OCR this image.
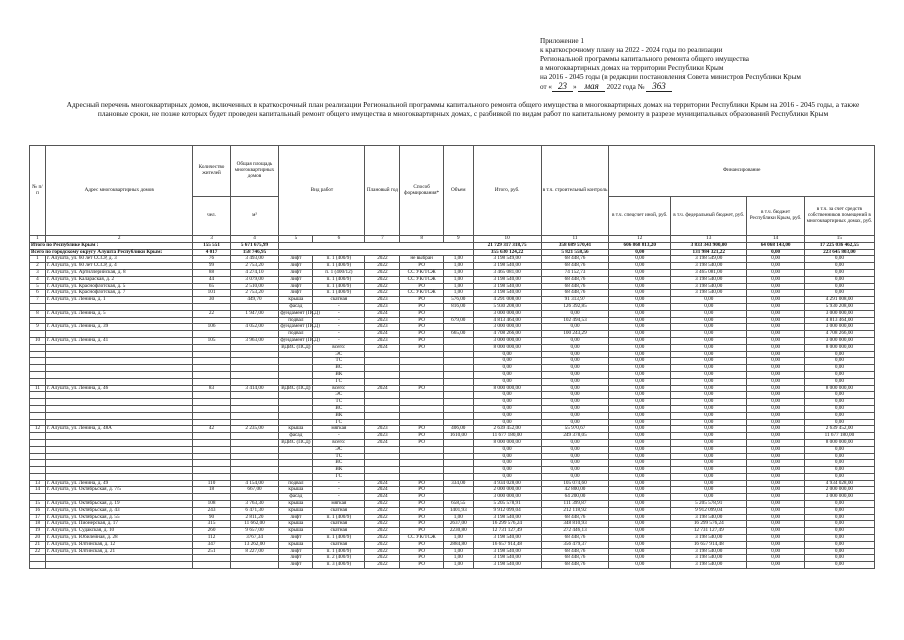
Приложение 1
к краткосрочному плану на 2022 - 2024 годы по реализации
Региональной программы капитального ремонта общего имущества
в многоквартирных домах на территории Республики Крым
на 2016 - 2045 годы (в редакции постановления Совета министров Республики Крым
от « 23 » мая 2022 года № 363
Адресный перечень многоквартирных домов, включенных в краткосрочный план реализации Региональной программы капитального ремонта общего имущества в многоквартирных домах на территории Республики Крым на 2016 - 2045 годы, а также плановые сроки, не позже которых будет проведен капитальный ремонт общего имущества в многоквартирных домах, с разбивкой по видам работ по капитальному ремонту в разрезе муниципальных образований Республики Крым
№ п/п	Адрес многоквартирных домов	Количество жителей	Общая площадь многоквартирных домов	Вид работ		Плановый год	Способ формирования*	Объем	Итого, руб.	в т.ч. строительный контроль	Финансирование			
		чел.	м²								в т.ч. спецсчет иной, руб.	в т.ч. федеральный бюджет, руб.	в т.ч. бюджет Республики Крым, руб.	в т.ч. за счет средств собственников помещений в многоквартирных домах, руб.
1	2	3	4	5	6	7	8	9	10	11	12	13	14	15
Итого по Республике Крым :		155 551	5 671 675,99						21 729 317 318,75	358 689 570,41	606 868 813,20	3 833 343 900,00	64 068 143,00	17 225 036 462,55
Всего по городскому округу Алушта Республики Крым:		4 017	158 746,95						355 630 124,22	5 821 558,56	0,00	131 984 321,22	0,00	223 645 803,00
1	г. Алушта, ул. 60 лет СССР, д. 3	76	3 493,00	лифт	п. 1 (400/9)	2022	не выбран	1,00	3 198 549,00	68 448,76	0,00	3 198 549,00	0,00	0,00
2	г. Алушта, ул. 60 лет СССР, д. 4	99	2 753,20	лифт	п. 1 (400/9)	2022	РО	1,00	3 198 540,00	68 448,76	0,00	3 198 540,00	0,00	0,00
3	г. Алушта, ул. Артиллерийская, д. 8	88	4 274,10	лифт	п. 1 (400/12)	2022	СС УК/ТСЖ	1,00	3 465 081,00	74 152,73	0,00	3 465 081,00	0,00	0,00
4	г. Алушта, ул. Калараская, д. 2	44	3 079,00	лифт	п. 1 (400/9)	2022	СС УК/ТСЖ	1,00	3 198 540,00	68 448,76	0,00	3 198 540,00	0,00	0,00
5	г. Алушта, ул. Краснофлотская, д. 5	65	2 510,00	лифт	п. 1 (400/9)	2022	РО	1,00	3 198 540,00	68 448,76	0,00	3 198 540,00	0,00	0,00
6	г. Алушта, ул. Краснофлотская, д. 7	101	2 753,20	лифт	п. 1 (400/9)	2022	СС УК/ТСЖ	1,00	3 198 540,00	68 448,76	0,00	3 198 540,00	0,00	0,00
7	г. Алушта, ул. Ленина, д. 1	30	449,70	крыша	скатная	2023	РО	576,00	4 291 008,00	91 313,97	0,00	0,00	0,00	4 291 008,00
				фасад	-	2023	РО	816,00	5 930 208,00	126 392,85	0,00	0,00	0,00	5 930 208,00
8	г. Алушта, ул. Ленина, д. 5	22	1 947,00	фундамент (ПСД)	-	2024	РО		3 000 000,00	0,00	0,00	0,00	0,00	3 000 000,00
				подвал	-	2023	РО	679,00	4 813 464,00	102 494,53	0,00	0,00	0,00	4 813 464,00
9	г. Алушта, ул. Ленина, д. 39	106	4 052,00	фундамент (ПСД)	-	2023	РО		3 000 000,00	0,00	0,00	0,00	0,00	3 000 000,00
				подвал	-	2024	РО	665,00	4 708 266,00	100 243,29	0,00	0,00	0,00	4 708 266,00
10	г. Алушта, ул. Ленина, д. 41	105	3 963,00	фундамент (ПСД)	-	2023	РО		3 000 000,00	0,00	0,00	0,00	0,00	3 000 000,00
				ВДИС (ПСД)	всего:	2024	РО		8 000 000,00	0,00	0,00	0,00	0,00	8 000 000,00
					ЭС				0,00	0,00	0,00	0,00	0,00	0,00
					ТС				0,00	0,00	0,00	0,00	0,00	0,00
					ВС				0,00	0,00	0,00	0,00	0,00	0,00
					ВК				0,00	0,00	0,00	0,00	0,00	0,00
					ГС				0,00	0,00	0,00	0,00	0,00	0,00
11	г. Алушта, ул. Ленина, д. 46	83	3 414,00	ВДИС (ПСД)	всего:	2024	РО		8 000 000,00	0,00	0,00	0,00	0,00	8 000 000,00
					ЭС				0,00	0,00	0,00	0,00	0,00	0,00
					ТС				0,00	0,00	0,00	0,00	0,00	0,00
					ВС				0,00	0,00	0,00	0,00	0,00	0,00
					ВК				0,00	0,00	0,00	0,00	0,00	0,00
					ГС				0,00	0,00	0,00	0,00	0,00	0,00
12	г. Алушта, ул. Ленина, д. 48А	42	2 235,00	крыша	мягкая	2023	РО	406,00	2 639 452,00	55 970,67	0,00	0,00	0,00	2 639 452,00
				фасад	-	2023	РО	1610,00	11 677 180,00	249 378,05	0,00	0,00	0,00	11 677 180,00
				ВДИС (ПСД)	всего:	2024	РО		8 000 000,00	0,00	0,00	0,00	0,00	8 000 000,00
					ЭС				0,00	0,00	0,00	0,00	0,00	0,00
					ТС				0,00	0,00	0,00	0,00	0,00	0,00
					ВС				0,00	0,00	0,00	0,00	0,00	0,00
					ВК				0,00	0,00	0,00	0,00	0,00	0,00
					ГС				0,00	0,00	0,00	0,00	0,00	0,00
13	г. Алушта, ул. Ленина, д. 49	110	4 154,00	подвал	-	2024	РО	334,00	4 934 028,00	105 074,60	0,00	0,00	0,00	4 934 028,00
14	г. Алушта, ул. Октябрьская, д. 7/5	18	667,00	крыша	-	2024	РО		2 000 000,00	42 800,00	0,00	0,00	0,00	2 000 000,00
				фасад	-	2024	РО		3 000 000,00	64 200,00	0,00	0,00	0,00	3 000 000,00
15	г. Алушта, ул. Октябрьская, д. 19	108	3 763,30	крыша	мягкая	2022	РО	658,55	5 205 578,91	111 399,87	0,00	5 205 578,91	0,00	0,00
16	г. Алушта, ул. Октябрьская, д. 43	243	6 471,30	крыша	скатная	2022	РО	1401,93	9 912 099,04	212 118,92	0,00	9 912 099,04	0,00	0,00
17	г. Алушта, ул. Октябрьская, д. 55	90	2 811,20	лифт	п. 1 (400/9)	2022	РО	1,00	3 198 540,00	68 448,76	0,00	3 198 540,00	0,00	0,00
18	г. Алушта, ул. Пионерская, д. 17	315	11 662,00	крыша	скатная	2022	РО	2637,00	16 299 576,24	348 810,93	0,00	16 299 576,24	0,00	0,00
19	г. Алушта, ул. Судакская, д. 10	260	9 657,00	крыша	скатная	2022	РО	2230,80	12 731 127,49	272 446,13	0,00	12 731 127,49	0,00	0,00
20	г. Алушта, ул. Юбилейная, д. 28	112	3767,34	лифт	п. 1 (400/9)	2022	СС УК/ТСЖ	1,00	3 198 540,00	68 448,76	0,00	3 198 540,00	0,00	0,00
21	г. Алушта, ул. Ялтинская, д. 12	347	13 262,00	крыша	скатная	2022	РО	2884,80	16 657 914,48	356 479,37	0,00	16 657 914,48	0,00	0,00
22	г. Алушта, ул. Ялтинская, д. 21	251	8 227,00	лифт	п. 1 (400/9)	2022	РО	1,00	3 198 540,00	68 448,76	0,00	3 198 540,00	0,00	0,00
				лифт	п. 2 (400/9)	2022	РО	1,00	3 198 540,00	68 448,76	0,00	3 198 540,00	0,00	0,00
				лифт	п. 3 (400/9)	2022	РО	1,00	3 198 540,00	68 448,76	0,00	3 198 540,00	0,00	0,00
